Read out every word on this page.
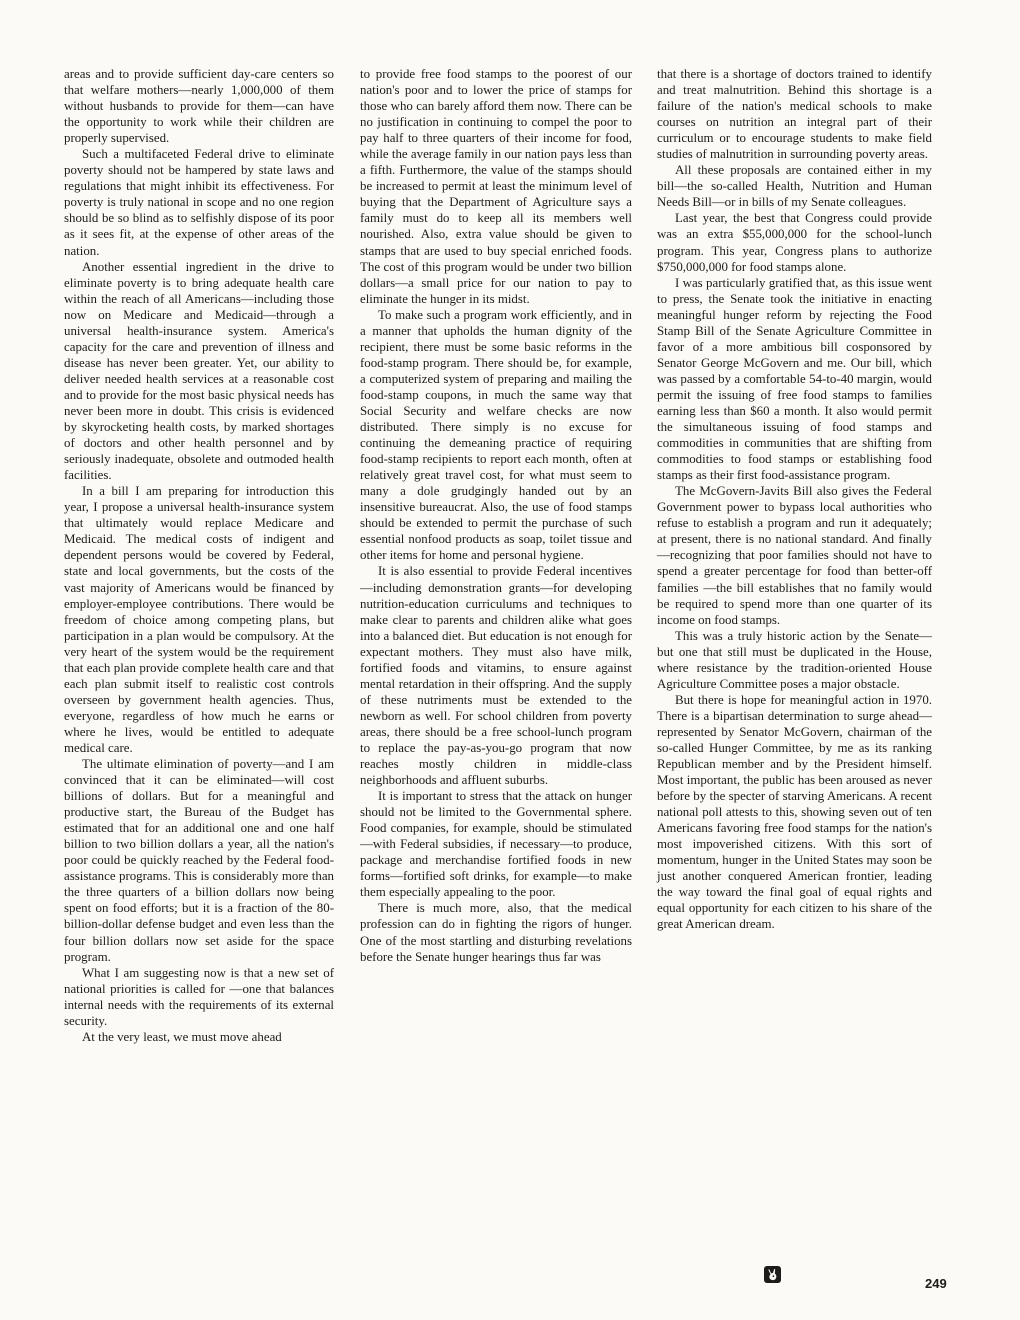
areas and to provide sufficient day-care centers so that welfare mothers—nearly 1,000,000 of them without husbands to provide for them—can have the opportunity to work while their children are properly supervised.

Such a multifaceted Federal drive to eliminate poverty should not be hampered by state laws and regulations that might inhibit its effectiveness. For poverty is truly national in scope and no one region should be so blind as to selfishly dispose of its poor as it sees fit, at the expense of other areas of the nation.

Another essential ingredient in the drive to eliminate poverty is to bring adequate health care within the reach of all Americans—including those now on Medicare and Medicaid—through a universal health-insurance system. America's capacity for the care and prevention of illness and disease has never been greater. Yet, our ability to deliver needed health services at a reasonable cost and to provide for the most basic physical needs has never been more in doubt. This crisis is evidenced by skyrocketing health costs, by marked shortages of doctors and other health personnel and by seriously inadequate, obsolete and outmoded health facilities.

In a bill I am preparing for introduction this year, I propose a universal health-insurance system that ultimately would replace Medicare and Medicaid. The medical costs of indigent and dependent persons would be covered by Federal, state and local governments, but the costs of the vast majority of Americans would be financed by employer-employee contributions. There would be freedom of choice among competing plans, but participation in a plan would be compulsory. At the very heart of the system would be the requirement that each plan provide complete health care and that each plan submit itself to realistic cost controls overseen by government health agencies. Thus, everyone, regardless of how much he earns or where he lives, would be entitled to adequate medical care.

The ultimate elimination of poverty—and I am convinced that it can be eliminated—will cost billions of dollars. But for a meaningful and productive start, the Bureau of the Budget has estimated that for an additional one and one half billion to two billion dollars a year, all the nation's poor could be quickly reached by the Federal food-assistance programs. This is considerably more than the three quarters of a billion dollars now being spent on food efforts; but it is a fraction of the 80-billion-dollar defense budget and even less than the four billion dollars now set aside for the space program.

What I am suggesting now is that a new set of national priorities is called for —one that balances internal needs with the requirements of its external security.

At the very least, we must move ahead

to provide free food stamps to the poorest of our nation's poor and to lower the price of stamps for those who can barely afford them now. There can be no justification in continuing to compel the poor to pay half to three quarters of their income for food, while the average family in our nation pays less than a fifth. Furthermore, the value of the stamps should be increased to permit at least the minimum level of buying that the Department of Agriculture says a family must do to keep all its members well nourished. Also, extra value should be given to stamps that are used to buy special enriched foods. The cost of this program would be under two billion dollars—a small price for our nation to pay to eliminate the hunger in its midst.

To make such a program work efficiently, and in a manner that upholds the human dignity of the recipient, there must be some basic reforms in the food-stamp program. There should be, for example, a computerized system of preparing and mailing the food-stamp coupons, in much the same way that Social Security and welfare checks are now distributed. There simply is no excuse for continuing the demeaning practice of requiring food-stamp recipients to report each month, often at relatively great travel cost, for what must seem to many a dole grudgingly handed out by an insensitive bureaucrat. Also, the use of food stamps should be extended to permit the purchase of such essential nonfood products as soap, toilet tissue and other items for home and personal hygiene.

It is also essential to provide Federal incentives—including demonstration grants—for developing nutrition-education curriculums and techniques to make clear to parents and children alike what goes into a balanced diet. But education is not enough for expectant mothers. They must also have milk, fortified foods and vitamins, to ensure against mental retardation in their offspring. And the supply of these nutriments must be extended to the newborn as well. For school children from poverty areas, there should be a free school-lunch program to replace the pay-as-you-go program that now reaches mostly children in middle-class neighborhoods and affluent suburbs.

It is important to stress that the attack on hunger should not be limited to the Governmental sphere. Food companies, for example, should be stimulated—with Federal subsidies, if necessary—to produce, package and merchandise fortified foods in new forms—fortified soft drinks, for example—to make them especially appealing to the poor.

There is much more, also, that the medical profession can do in fighting the rigors of hunger. One of the most startling and disturbing revelations before the Senate hunger hearings thus far was

that there is a shortage of doctors trained to identify and treat malnutrition. Behind this shortage is a failure of the nation's medical schools to make courses on nutrition an integral part of their curriculum or to encourage students to make field studies of malnutrition in surrounding poverty areas.

All these proposals are contained either in my bill—the so-called Health, Nutrition and Human Needs Bill—or in bills of my Senate colleagues.

Last year, the best that Congress could provide was an extra $55,000,000 for the school-lunch program. This year, Congress plans to authorize $750,000,000 for food stamps alone.

I was particularly gratified that, as this issue went to press, the Senate took the initiative in enacting meaningful hunger reform by rejecting the Food Stamp Bill of the Senate Agriculture Committee in favor of a more ambitious bill cosponsored by Senator George McGovern and me. Our bill, which was passed by a comfortable 54-to-40 margin, would permit the issuing of free food stamps to families earning less than $60 a month. It also would permit the simultaneous issuing of food stamps and commodities in communities that are shifting from commodities to food stamps or establishing food stamps as their first food-assistance program.

The McGovern-Javits Bill also gives the Federal Government power to bypass local authorities who refuse to establish a program and run it adequately; at present, there is no national standard. And finally—recognizing that poor families should not have to spend a greater percentage for food than better-off families —the bill establishes that no family would be required to spend more than one quarter of its income on food stamps.

This was a truly historic action by the Senate—but one that still must be duplicated in the House, where resistance by the tradition-oriented House Agriculture Committee poses a major obstacle.

But there is hope for meaningful action in 1970. There is a bipartisan determination to surge ahead—represented by Senator McGovern, chairman of the so-called Hunger Committee, by me as its ranking Republican member and by the President himself. Most important, the public has been aroused as never before by the specter of starving Americans. A recent national poll attests to this, showing seven out of ten Americans favoring free food stamps for the nation's most impoverished citizens. With this sort of momentum, hunger in the United States may soon be just another conquered American frontier, leading the way toward the final goal of equal rights and equal opportunity for each citizen to his share of the great American dream.

249
